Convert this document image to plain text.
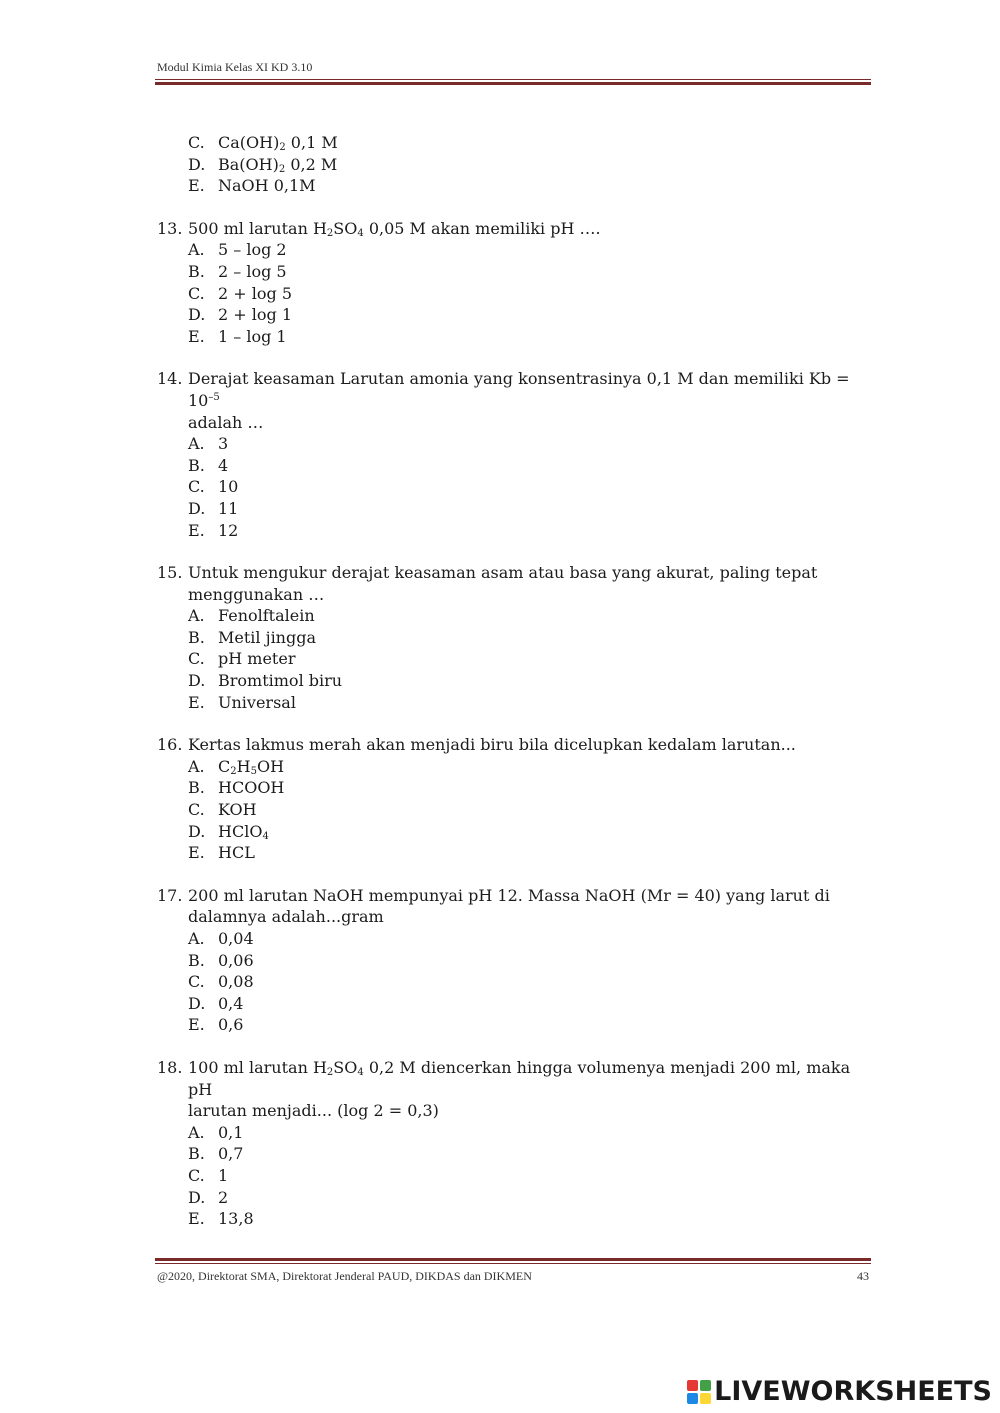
Modul Kimia Kelas XI KD 3.10
C. $Ca(OH)_2$ 0,1 M
D. $Ba(OH)_2$ 0,2 M
E. NaOH 0,1M
13. 500 ml larutan $H_2SO_4$ 0,05 M akan memiliki pH ….
A. 5 – log 2
B. 2 – log 5
C. 2 + log 5
D. 2 + log 1
E. 1 – log 1
14. Derajat keasaman Larutan amonia yang konsentrasinya 0,1 M dan memiliki $Kb = 10^{-5}$
adalah …
A. 3
B. 4
C. 10
D. 11
E. 12
15. Untuk mengukur derajat keasaman asam atau basa yang akurat, paling tepat
menggunakan …
A. Fenolftalein
B. Metil jingga
C. pH meter
D. Bromtimol biru
E. Universal
16. Kertas lakmus merah akan menjadi biru bila dicelupkan kedalam larutan...
A. $C_2H_5OH$
B. HCOOH
C. KOH
D. HClO$_4$
E. HCL
17. 200 ml larutan NaOH mempunyai pH 12. Massa NaOH (Mr = 40) yang larut di
dalamnya adalah...gram
A. 0,04
B. 0,06
C. 0,08
D. 0,4
E. 0,6
18. 100 ml larutan $H_2SO_4$ 0,2 M diencerkan hingga volumenya menjadi 200 ml, maka pH
larutan menjadi... (log 2 = 0,3)
A. 0,1
B. 0,7
C. 1
D. 2
E. 13,8
@2020, Direktorat SMA, Direktorat Jenderal PAUD, DIKDAS dan DIKMEN	43
LIVEWORKSHEETS
